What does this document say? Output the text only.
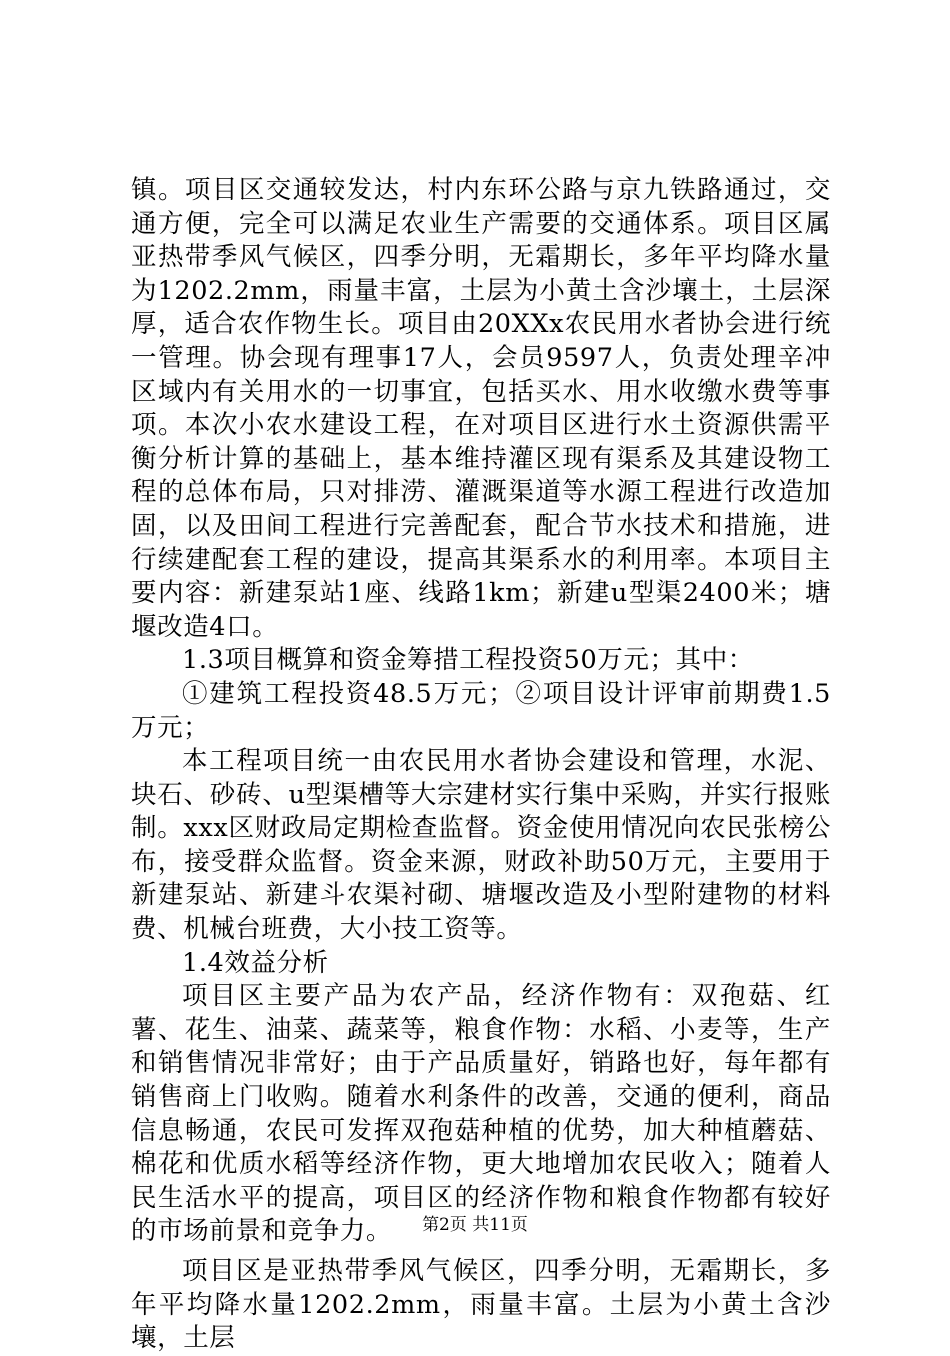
镇。项目区交通较发达，村内东环公路与京九铁路通过，交通方便，完全可以满足农业生产需要的交通体系。项目区属亚热带季风气候区，四季分明，无霜期长，多年平均降水量为1202.2mm，雨量丰富，土层为小黄土含沙壤土，土层深厚，适合农作物生长。项目由20XXx农民用水者协会进行统一管理。协会现有理事17人，会员9597人，负责处理辛冲区域内有关用水的一切事宜，包括买水、用水收缴水费等事项。本次小农水建设工程，在对项目区进行水土资源供需平衡分析计算的基础上，基本维持灌区现有渠系及其建设物工程的总体布局，只对排涝、灌溉渠道等水源工程进行改造加固，以及田间工程进行完善配套，配合节水技术和措施，进行续建配套工程的建设，提高其渠系水的利用率。本项目主要内容：新建泵站1座、线路1km；新建u型渠2400米；塘堰改造4口。

1.3项目概算和资金筹措工程投资50万元；其中：

①建筑工程投资48.5万元；②项目设计评审前期费1.5万元；

本工程项目统一由农民用水者协会建设和管理，水泥、块石、砂砖、u型渠槽等大宗建材实行集中采购，并实行报账制。xxx区财政局定期检查监督。资金使用情况向农民张榜公布，接受群众监督。资金来源，财政补助50万元，主要用于新建泵站、新建斗农渠衬砌、塘堰改造及小型附建物的材料费、机械台班费，大小技工资等。

1.4效益分析

项目区主要产品为农产品，经济作物有：双孢菇、红薯、花生、油菜、蔬菜等，粮食作物：水稻、小麦等，生产和销售情况非常好；由于产品质量好，销路也好，每年都有销售商上门收购。随着水利条件的改善，交通的便利，商品信息畅通，农民可发挥双孢菇种植的优势，加大种植蘑菇、棉花和优质水稻等经济作物，更大地增加农民收入；随着人民生活水平的提高，项目区的经济作物和粮食作物都有较好的市场前景和竞争力。

项目区是亚热带季风气候区，四季分明，无霜期长，多年平均降水量1202.2mm，雨量丰富。土层为小黄土含沙壤，土层

第2页 共11页
